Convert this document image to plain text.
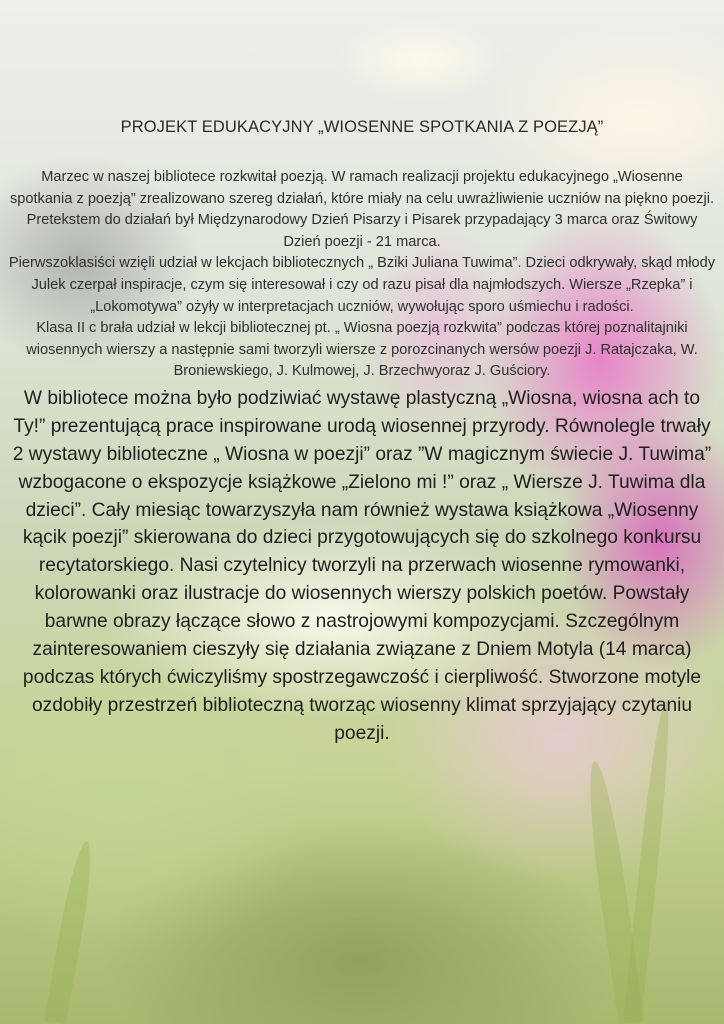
PROJEKT EDUKACYJNY „WIOSENNE SPOTKANIA Z POEZJĄ”

Marzec w naszej bibliotece rozkwitał poezją. W ramach realizacji projektu edukacyjnego „Wiosenne spotkania z poezją” zrealizowano szereg działań, które miały na celu uwrażliwienie uczniów na piękno poezji. Pretekstem do działań był Międzynarodowy Dzień Pisarzy i Pisarek przypadający 3 marca oraz Świtowy Dzień poezji - 21 marca.

Pierwszoklasiści wzięli udział w lekcjach bibliotecznych „ Bziki Juliana Tuwima”. Dzieci odkrywały, skąd młody Julek czerpał inspiracje, czym się interesował i czy od razu pisał dla najmłodszych. Wiersze „Rzepka” i „Lokomotywa” ożyły w interpretacjach uczniów, wywołując sporo uśmiechu i radości.

Klasa II c brała udział w lekcji bibliotecznej pt. „ Wiosna poezją rozkwita” podczas której poznalitajniki wiosennych wierszy a następnie sami tworzyli wiersze z porozcinanych wersów poezji J. Ratajczaka, W. Broniewskiego, J. Kulmowej, J. Brzechwyoraz J. Guściory.

W bibliotece można było podziwiać wystawę plastyczną „Wiosna, wiosna ach to Ty!” prezentującą prace inspirowane urodą wiosennej przyrody. Równolegle trwały 2 wystawy biblioteczne „ Wiosna w poezji” oraz ”W magicznym świecie J. Tuwima” wzbogacone o ekspozycje książkowe „Zielono mi !” oraz „ Wiersze J. Tuwima dla dzieci”. Cały miesiąc towarzyszyła nam również wystawa książkowa „Wiosenny kącik poezji” skierowana do dzieci przygotowujących się do szkolnego konkursu recytatorskiego. Nasi czytelnicy tworzyli na przerwach wiosenne rymowanki, kolorowanki oraz ilustracje do wiosennych wierszy polskich poetów. Powstały barwne obrazy łączące słowo z nastrojowymi kompozycjami. Szczególnym zainteresowaniem cieszyły się działania związane z Dniem Motyla (14 marca) podczas których ćwiczyliśmy spostrzegawczość i cierpliwość. Stworzone motyle ozdobiły przestrzeń biblioteczną tworząc wiosenny klimat sprzyjający czytaniu poezji.
